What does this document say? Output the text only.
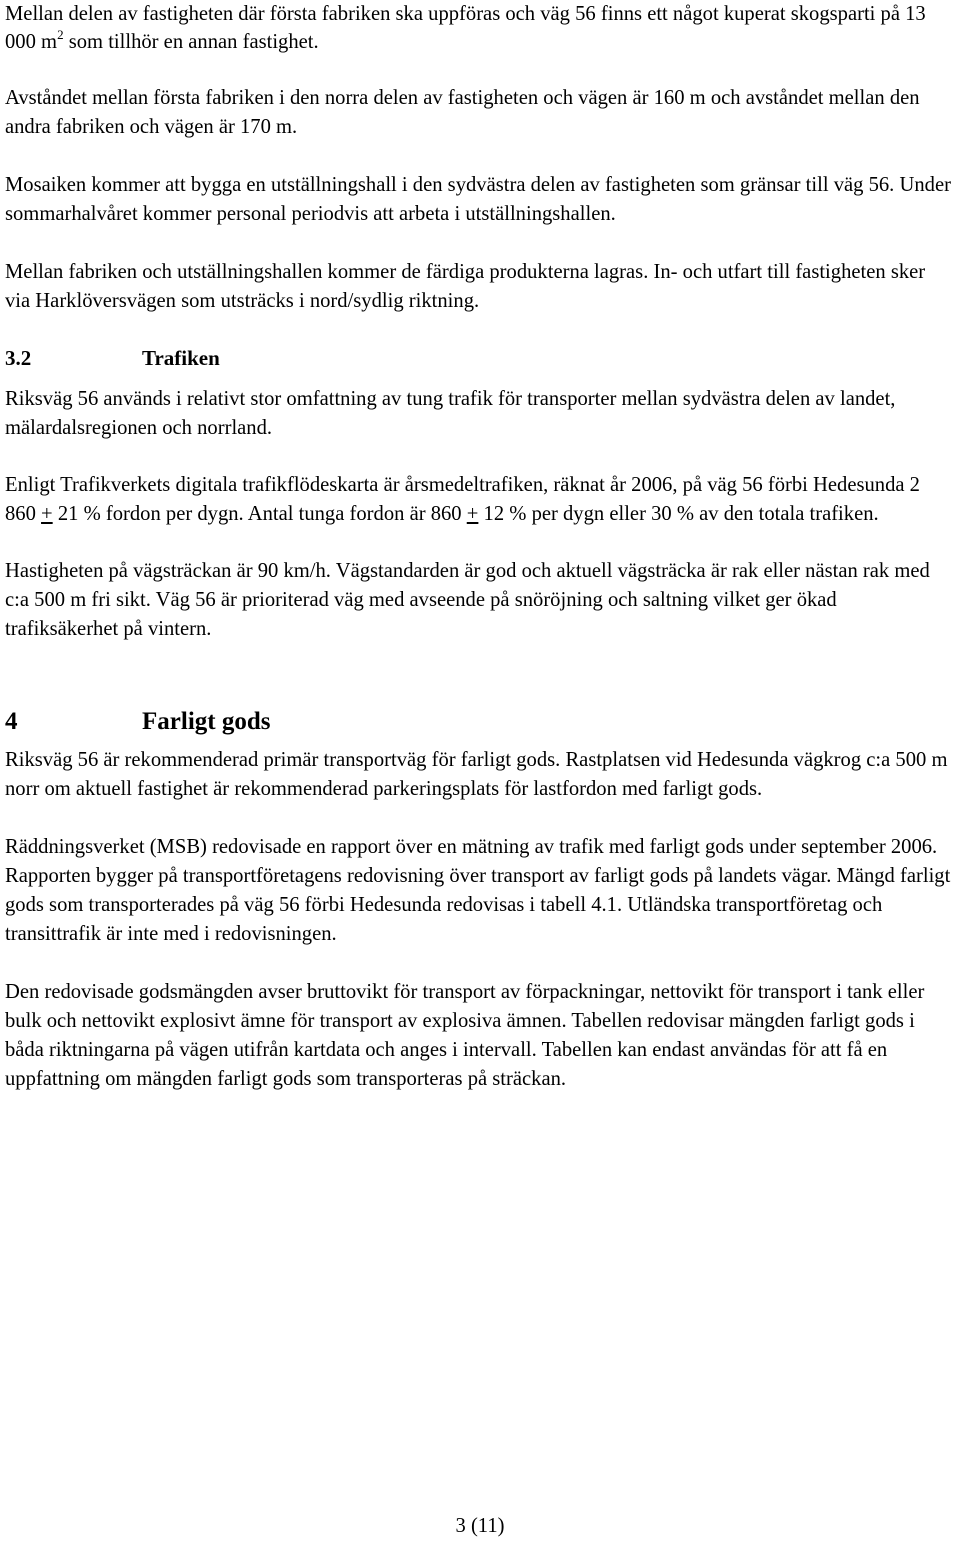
Mellan delen av fastigheten där första fabriken ska uppföras och väg 56 finns ett något kuperat skogsparti på 13 000 $m^2$ som tillhör en annan fastighet.

Avståndet mellan första fabriken i den norra delen av fastigheten och vägen är 160 m och avståndet mellan den andra fabriken och vägen är 170 m.

Mosaiken kommer att bygga en utställningshall i den sydvästra delen av fastigheten som gränsar till väg 56. Under sommarhalvåret kommer personal periodvis att arbeta i utställningshallen.

Mellan fabriken och utställningshallen kommer de färdiga produkterna lagras. In- och utfart till fastigheten sker via Harklöversvägen som utsträcks i nord/sydlig riktning.

3.2	Trafiken

Riksväg 56 används i relativt stor omfattning av tung trafik för transporter mellan sydvästra delen av landet, mälardalsregionen och norrland.

Enligt Trafikverkets digitala trafikflödeskarta är årsmedeltrafiken, räknat år 2006, på väg 56 förbi Hedesunda 2 860 + 21 % fordon per dygn. Antal tunga fordon är 860 + 12 % per dygn eller 30 % av den totala trafiken.

Hastigheten på vägsträckan är 90 km/h. Vägstandarden är god och aktuell vägsträcka är rak eller nästan rak med c:a 500 m fri sikt. Väg 56 är prioriterad väg med avseende på snöröjning och saltning vilket ger ökad trafiksäkerhet på vintern.

4	Farligt gods

Riksväg 56 är rekommenderad primär transportväg för farligt gods. Rastplatsen vid Hedesunda vägkrog c:a 500 m norr om aktuell fastighet är rekommenderad parkeringsplats för lastfordon med farligt gods.

Räddningsverket (MSB) redovisade en rapport över en mätning av trafik med farligt gods under september 2006. Rapporten bygger på transportföretagens redovisning över transport av farligt gods på landets vägar. Mängd farligt gods som transporterades på väg 56 förbi Hedesunda redovisas i tabell 4.1. Utländska transportföretag och transittrafik är inte med i redovisningen.

Den redovisade godsmängden avser bruttovikt för transport av förpackningar, nettovikt för transport i tank eller bulk och nettovikt explosivt ämne för transport av explosiva ämnen. Tabellen redovisar mängden farligt gods i båda riktningarna på vägen utifrån kartdata och anges i intervall. Tabellen kan endast användas för att få en uppfattning om mängden farligt gods som transporteras på sträckan.

3 (11)
